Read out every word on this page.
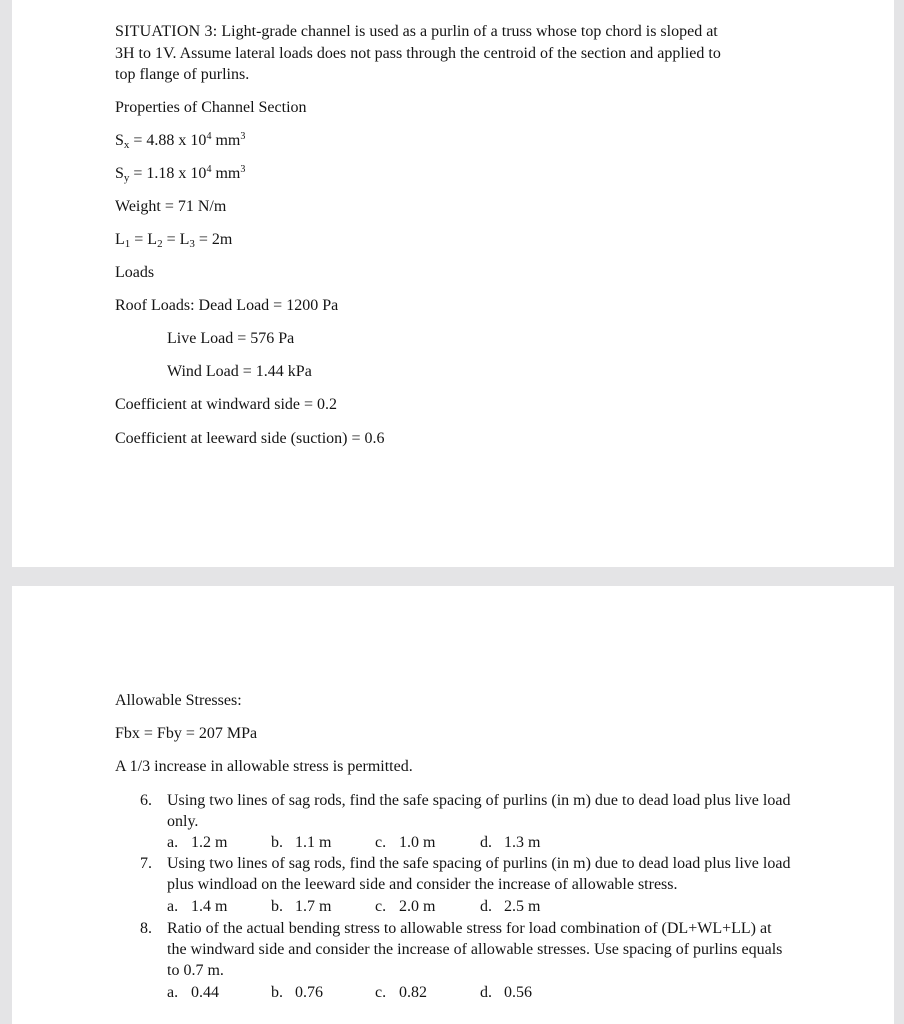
SITUATION 3: Light-grade channel is used as a purlin of a truss whose top chord is sloped at

3H to 1V. Assume lateral loads does not pass through the centroid of the section and applied to

top flange of purlins.

Properties of Channel Section

$S_x = 4.88$ x $10^4$ $mm^3$

$S_y = 1.18$ x $10^4$ $mm^3$

Weight = 71 N/m

$L_1 = L_2 = L_3 = 2m$

Loads

Roof Loads: Dead Load = 1200 Pa

Live Load = 576 Pa

Wind Load = 1.44 kPa

Coefficient at windward side = 0.2

Coefficient at leeward side (suction) = 0.6

Allowable Stresses:

Fbx = Fby = 207 MPa

A 1/3 increase in allowable stress is permitted.

6. Using two lines of sag rods, find the safe spacing of purlins (in m) due to dead load plus live load only.

a. 1.2 m	b. 1.1 m	c. 1.0 m	d. 1.3 m

7. Using two lines of sag rods, find the safe spacing of purlins (in m) due to dead load plus live load plus windload on the leeward side and consider the increase of allowable stress.

a. 1.4 m	b. 1.7 m	c. 2.0 m	d. 2.5 m

8. Ratio of the actual bending stress to allowable stress for load combination of (DL+WL+LL) at the windward side and consider the increase of allowable stresses. Use spacing of purlins equals to 0.7 m.

a. 0.44	b. 0.76	c. 0.82	d. 0.56
